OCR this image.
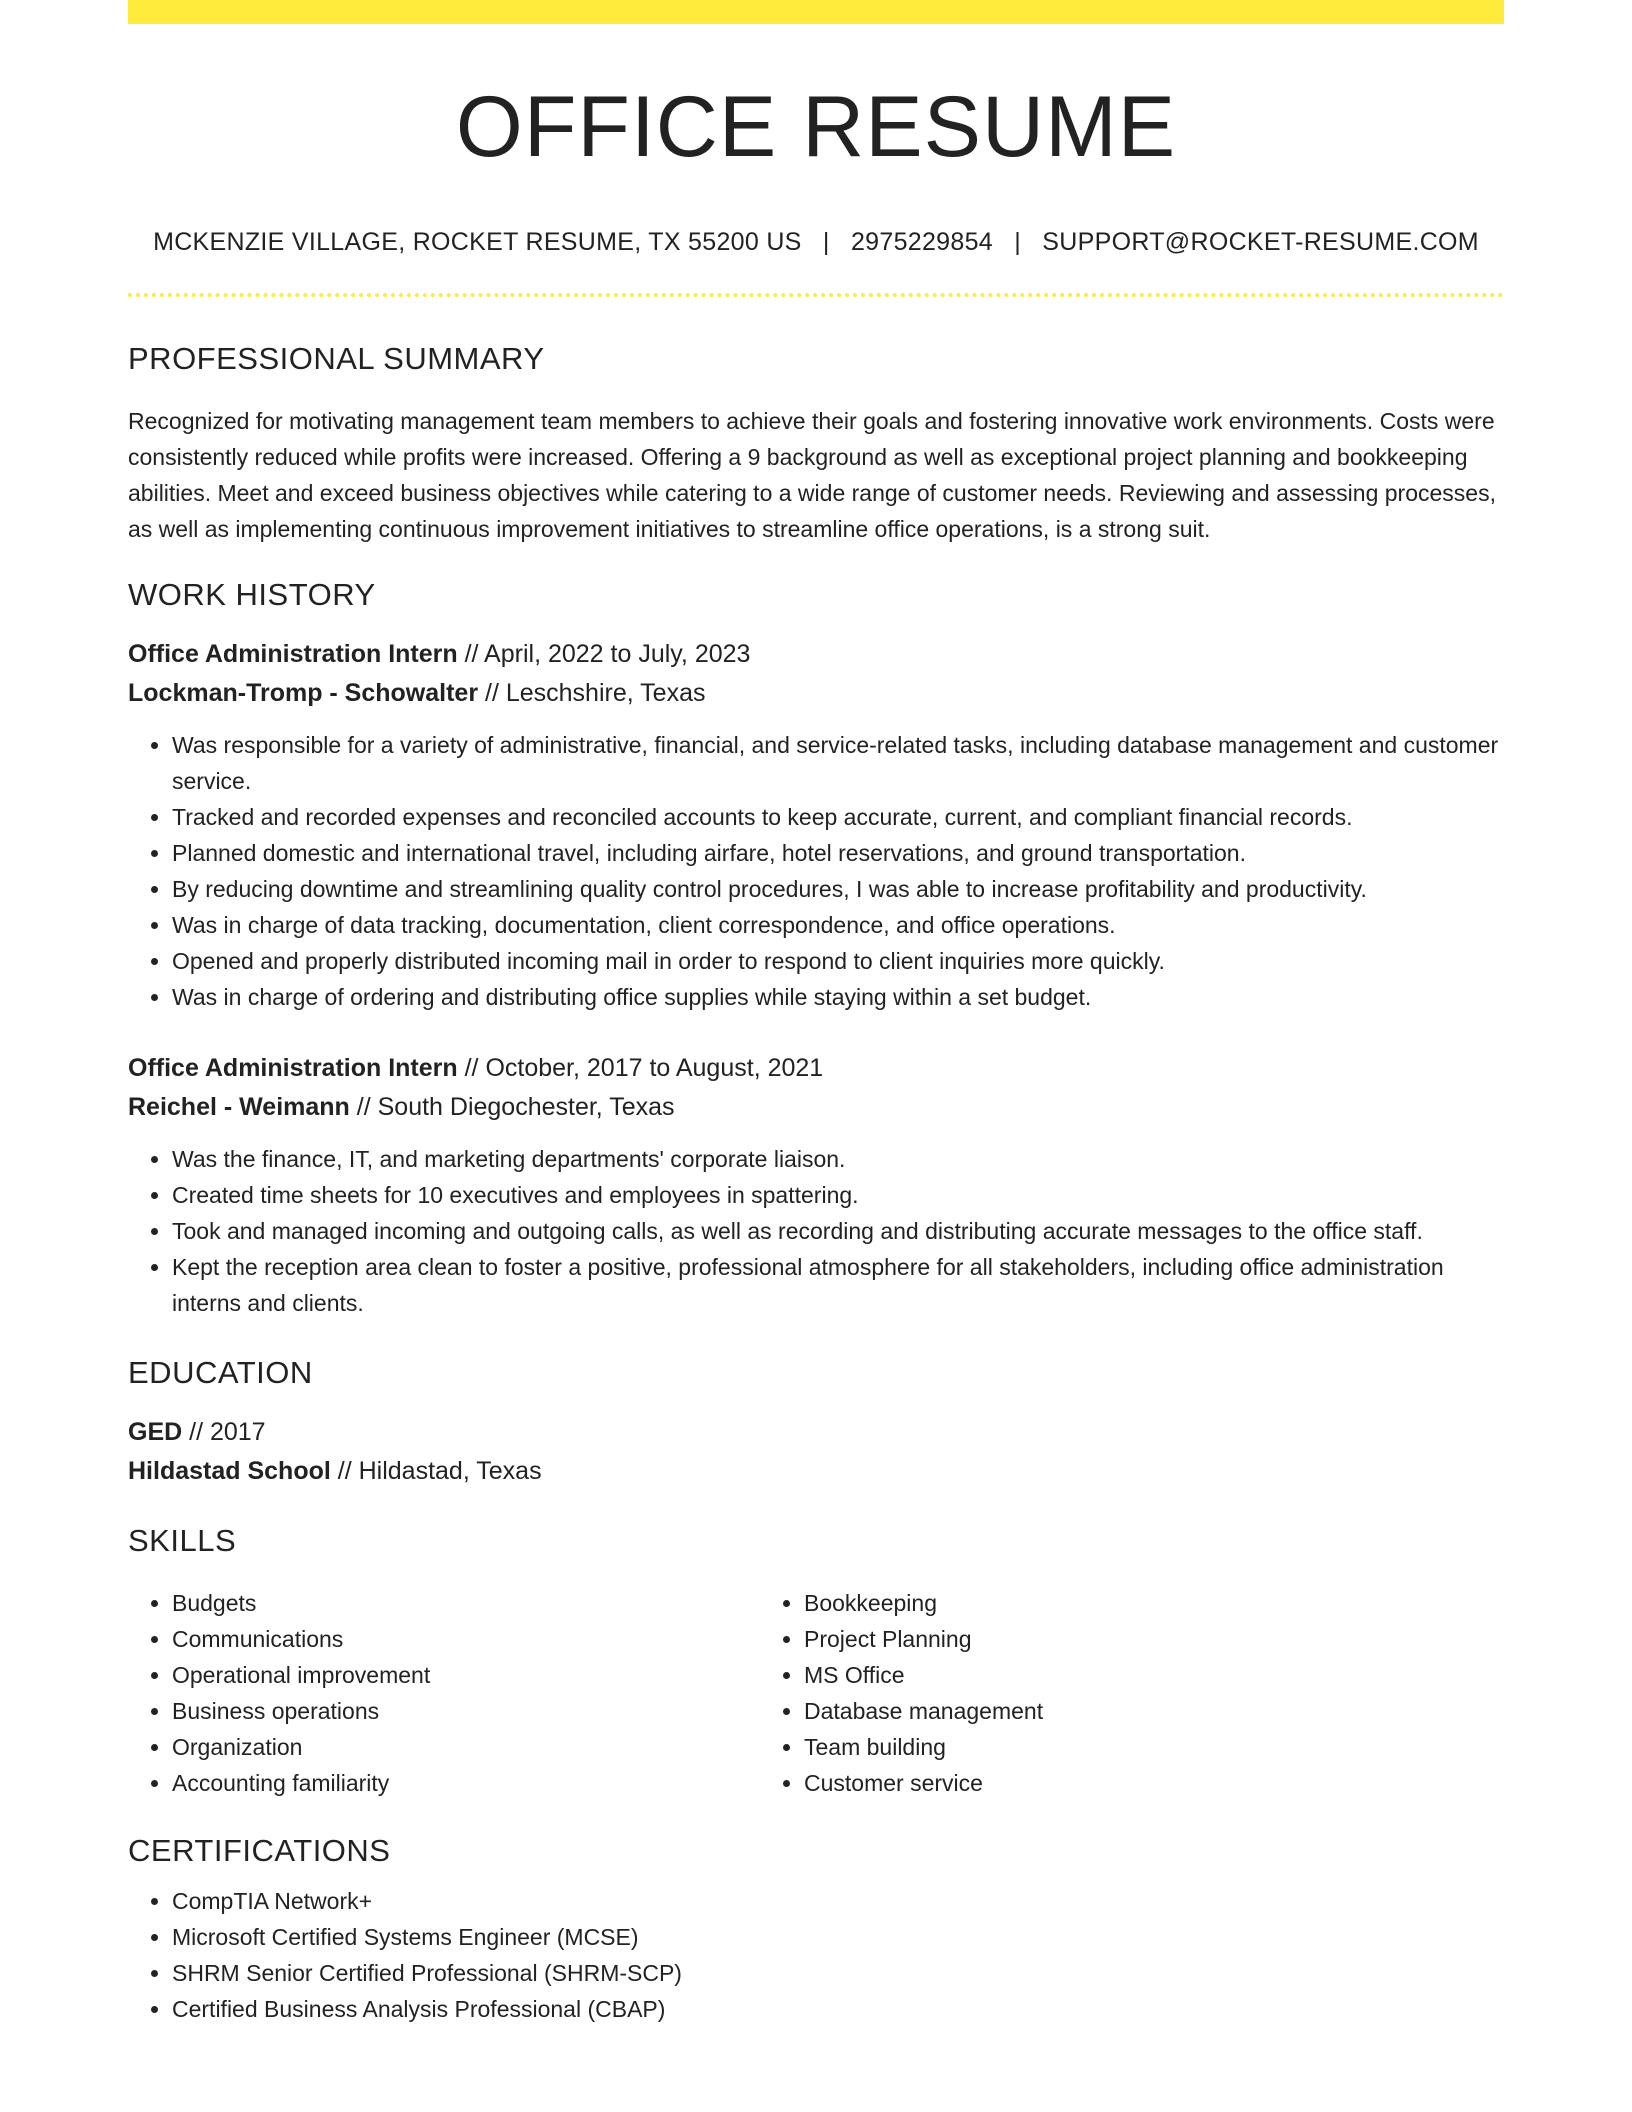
OFFICE RESUME
MCKENZIE VILLAGE, ROCKET RESUME, TX 55200 US | 2975229854 | SUPPORT@ROCKET-RESUME.COM
PROFESSIONAL SUMMARY
Recognized for motivating management team members to achieve their goals and fostering innovative work environments. Costs were consistently reduced while profits were increased. Offering a 9 background as well as exceptional project planning and bookkeeping abilities. Meet and exceed business objectives while catering to a wide range of customer needs. Reviewing and assessing processes, as well as implementing continuous improvement initiatives to streamline office operations, is a strong suit.
WORK HISTORY
Office Administration Intern // April, 2022 to July, 2023
Lockman-Tromp - Schowalter // Leschshire, Texas
• Was responsible for a variety of administrative, financial, and service-related tasks, including database management and customer service.
• Tracked and recorded expenses and reconciled accounts to keep accurate, current, and compliant financial records.
• Planned domestic and international travel, including airfare, hotel reservations, and ground transportation.
• By reducing downtime and streamlining quality control procedures, I was able to increase profitability and productivity.
• Was in charge of data tracking, documentation, client correspondence, and office operations.
• Opened and properly distributed incoming mail in order to respond to client inquiries more quickly.
• Was in charge of ordering and distributing office supplies while staying within a set budget.
Office Administration Intern // October, 2017 to August, 2021
Reichel - Weimann // South Diegochester, Texas
• Was the finance, IT, and marketing departments' corporate liaison.
• Created time sheets for 10 executives and employees in spattering.
• Took and managed incoming and outgoing calls, as well as recording and distributing accurate messages to the office staff.
• Kept the reception area clean to foster a positive, professional atmosphere for all stakeholders, including office administration interns and clients.
EDUCATION
GED // 2017
Hildastad School // Hildastad, Texas
SKILLS
• Budgets
• Communications
• Operational improvement
• Business operations
• Organization
• Accounting familiarity
• Bookkeeping
• Project Planning
• MS Office
• Database management
• Team building
• Customer service
CERTIFICATIONS
• CompTIA Network+
• Microsoft Certified Systems Engineer (MCSE)
• SHRM Senior Certified Professional (SHRM-SCP)
• Certified Business Analysis Professional (CBAP)
